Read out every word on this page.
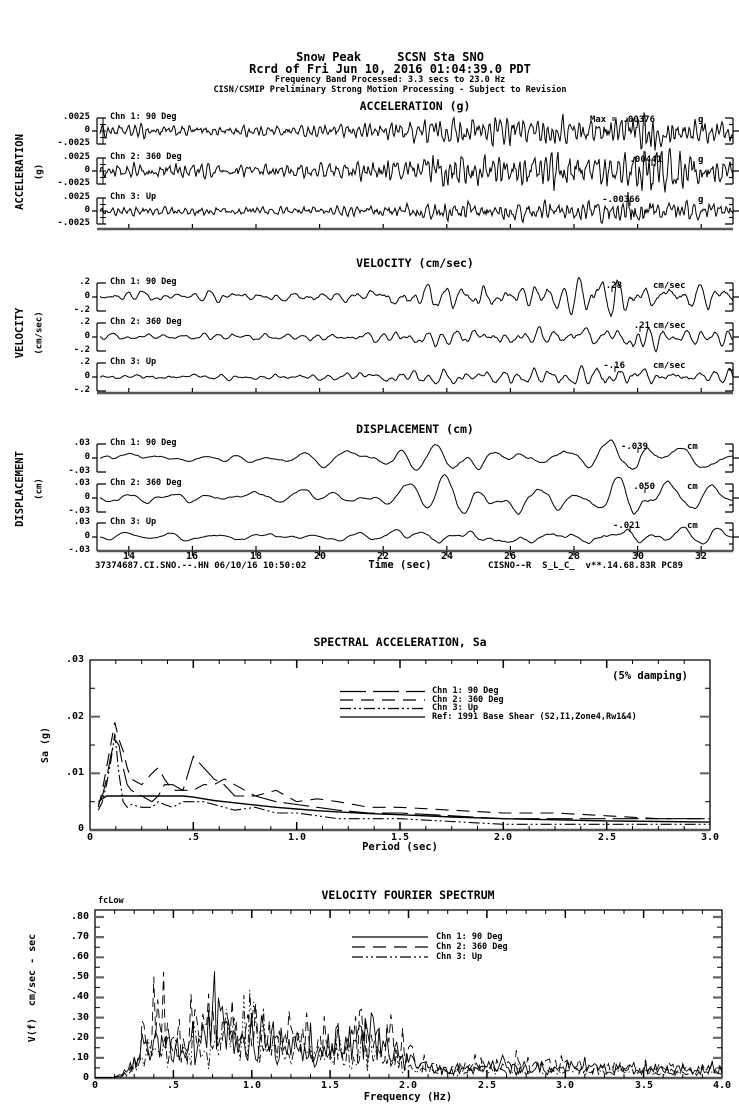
Snow Peak     SCSN Sta SNO
Rcrd of Fri Jun 10, 2016 01:04:39.0 PDT
Frequency Band Processed: 3.3 secs to 23.0 Hz
CISN/CSMIP Preliminary Strong Motion Processing - Subject to Revision
ACCELERATION (g)
ACCELERATION (g)
.0025
0
-.0025
.0025
0
-.0025
.0025
0
-.0025
Chn 1: 90 Deg
Chn 2: 360 Deg
Chn 3: Up
Max = .00376
.00441
-.00366
g
g
g
VELOCITY (cm/sec)
VELOCITY (cm/sec)
.2
0
-.2
.2
0
-.2
.2
0
-.2
Chn 1: 90 Deg
Chn 2: 360 Deg
Chn 3: Up
.28
.21
-.16
cm/sec
cm/sec
cm/sec
DISPLACEMENT (cm)
DISPLACEMENT (cm)
.03
0
-.03
.03
0
-.03
.03
0
-.03
Chn 1: 90 Deg
Chn 2: 360 Deg
Chn 3: Up
-.039
.050
-.021
cm
cm
cm
14	16	18	20	22	24	26	28	30	32
Time (sec)
37374687.CI.SNO.--.HN 06/10/16 10:50:02	CISNO--R  S_L_C_  v**.14.68.83R PC89
SPECTRAL ACCELERATION, Sa
(5% damping)
Sa (g)
Period (sec)
.03
.02
.01
0
0	.5	1.0	1.5	2.0	2.5	3.0
Chn 1: 90 Deg
Chn 2: 360 Deg
Chn 3: Up
Ref: 1991 Base Shear (S2,I1,Zone4,Rw1&4)
VELOCITY FOURIER SPECTRUM
fcLow
V(f)  cm/sec - sec
Frequency (Hz)
.80
.70
.60
.50
.40
.30
.20
.10
0
0	.5	1.0	1.5	2.0	2.5	3.0	3.5	4.0
Chn 1: 90 Deg
Chn 2: 360 Deg
Chn 3: Up
